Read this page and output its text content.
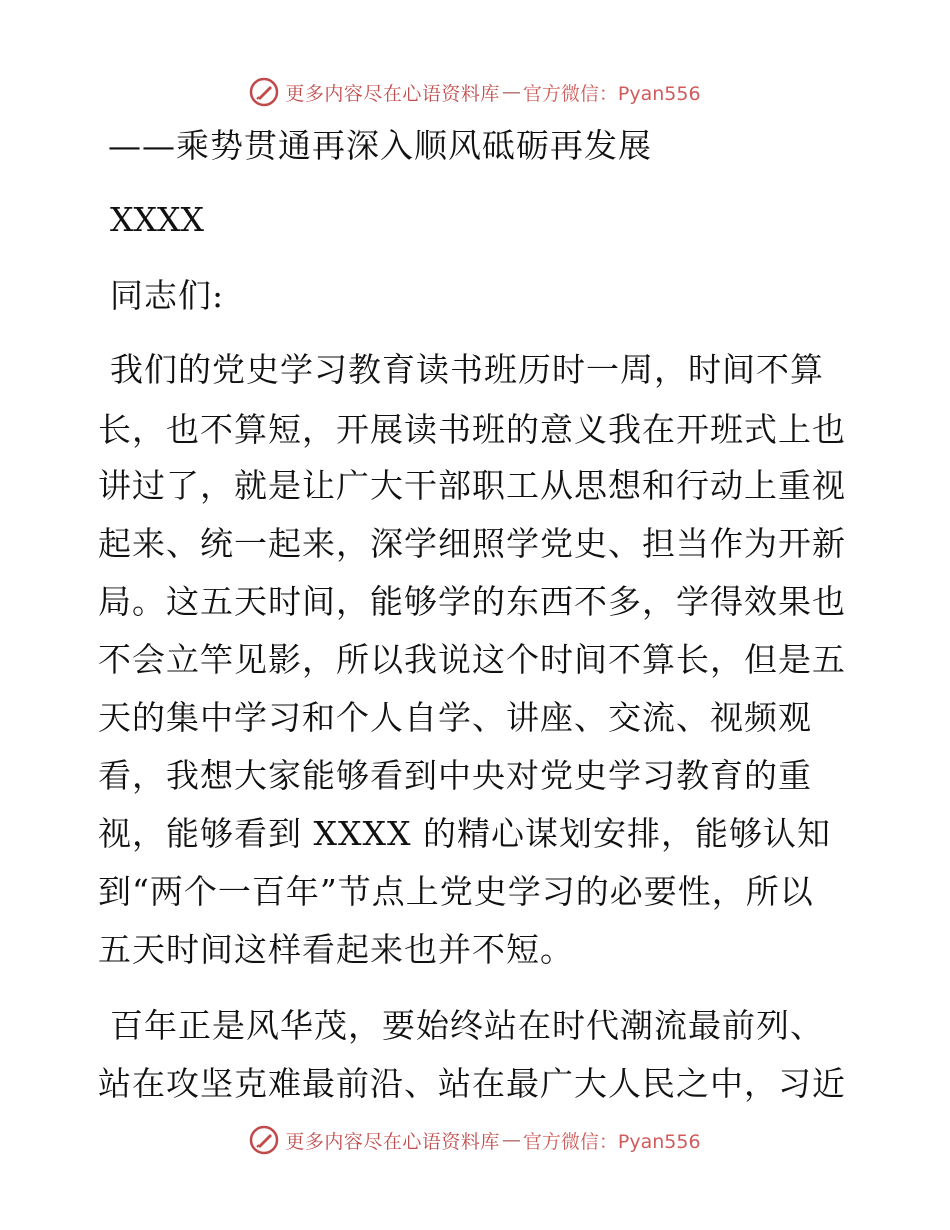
更多内容尽在心语资料库 — 官方微信：Pyan556
——乘势贯通再深入顺风砥砺再发展
XXXX
同志们:
我们的党史学习教育读书班历时一周，时间不算
长，也不算短，开展读书班的意义我在开班式上也
讲过了，就是让广大干部职工从思想和行动上重视
起来、统一起来，深学细照学党史、担当作为开新
局。这五天时间，能够学的东西不多，学得效果也
不会立竿见影，所以我说这个时间不算长，但是五
天的集中学习和个人自学、讲座、交流、视频观
看，我想大家能够看到中央对党史学习教育的重
视，能够看到 XXXX 的精心谋划安排，能够认知
到“两个一百年”节点上党史学习的必要性，所以
五天时间这样看起来也并不短。
百年正是风华茂，要始终站在时代潮流最前列、
站在攻坚克难最前沿、站在最广大人民之中，习近
更多内容尽在心语资料库 — 官方微信：Pyan556
